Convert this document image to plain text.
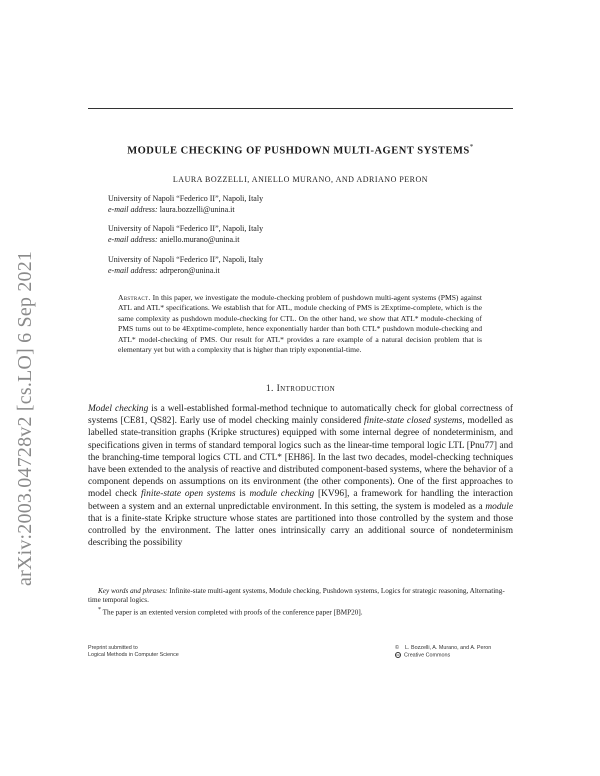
arXiv:2003.04728v2 [cs.LO] 6 Sep 2021
MODULE CHECKING OF PUSHDOWN MULTI-AGENT SYSTEMS*
LAURA BOZZELLI, ANIELLO MURANO, AND ADRIANO PERON
University of Napoli “Federico II”, Napoli, Italy
e-mail address: laura.bozzelli@unina.it
University of Napoli “Federico II”, Napoli, Italy
e-mail address: aniello.murano@unina.it
University of Napoli “Federico II”, Napoli, Italy
e-mail address: adrperon@unina.it
Abstract. In this paper, we investigate the module-checking problem of pushdown multi-agent systems (PMS) against ATL and ATL* specifications. We establish that for ATL, module checking of PMS is 2Exptime-complete, which is the same complexity as pushdown module-checking for CTL. On the other hand, we show that ATL* module-checking of PMS turns out to be 4Exptime-complete, hence exponentially harder than both CTL* pushdown module-checking and ATL* model-checking of PMS. Our result for ATL* provides a rare example of a natural decision problem that is elementary yet but with a complexity that is higher than triply exponential-time.
1. Introduction
Model checking is a well-established formal-method technique to automatically check for global correctness of systems [CE81, QS82]. Early use of model checking mainly considered finite-state closed systems, modelled as labelled state-transition graphs (Kripke structures) equipped with some internal degree of nondeterminism, and specifications given in terms of standard temporal logics such as the linear-time temporal logic LTL [Pnu77] and the branching-time temporal logics CTL and CTL* [EH86]. In the last two decades, model-checking techniques have been extended to the analysis of reactive and distributed component-based systems, where the behavior of a component depends on assumptions on its environment (the other components). One of the first approaches to model check finite-state open systems is module checking [KV96], a framework for handling the interaction between a system and an external unpredictable environment. In this setting, the system is modeled as a module that is a finite-state Kripke structure whose states are partitioned into those controlled by the system and those controlled by the environment. The latter ones intrinsically carry an additional source of nondeterminism describing the possibility
Key words and phrases: Infinite-state multi-agent systems, Module checking, Pushdown systems, Logics for strategic reasoning, Alternating-time temporal logics.
* The paper is an extented version completed with proofs of the conference paper [BMP20].
Preprint submitted to
Logical Methods in Computer Science
© L. Bozzelli, A. Murano, and A. Peron
cc Creative Commons
